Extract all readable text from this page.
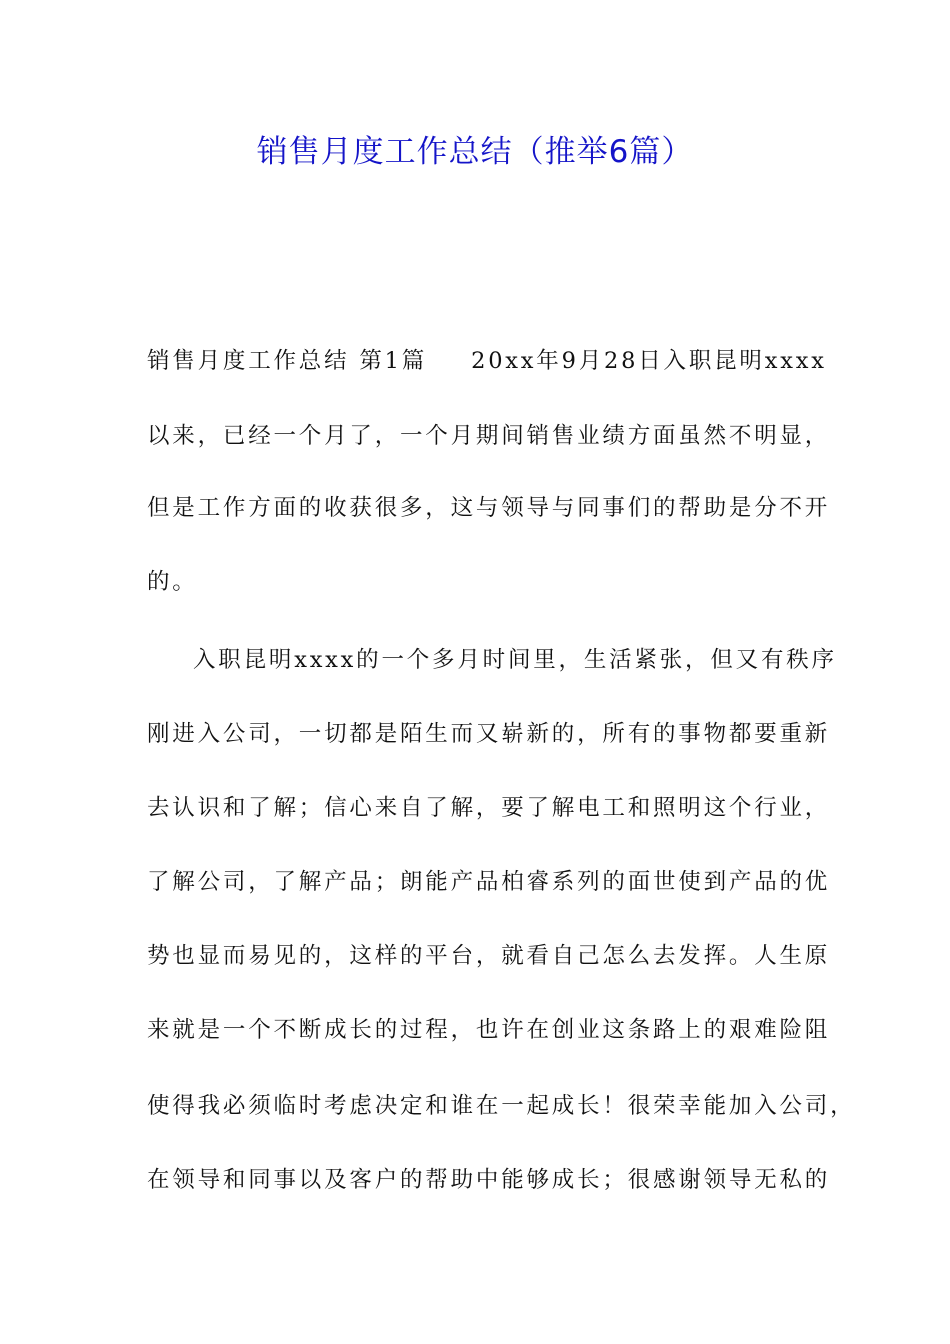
销售月度工作总结（推举6篇）
销售月度工作总结 第1篇 20xx年9月28日入职昆明xxxx
以来，已经一个月了，一个月期间销售业绩方面虽然不明显，
但是工作方面的收获很多，这与领导与同事们的帮助是分不开
的。
入职昆明xxxx的一个多月时间里，生活紧张，但又有秩序
刚进入公司，一切都是陌生而又崭新的，所有的事物都要重新
去认识和了解；信心来自了解，要了解电工和照明这个行业，
了解公司，了解产品；朗能产品柏睿系列的面世使到产品的优
势也显而易见的，这样的平台，就看自己怎么去发挥。人生原
来就是一个不断成长的过程，也许在创业这条路上的艰难险阻
使得我必须临时考虑决定和谁在一起成长！很荣幸能加入公司，
在领导和同事以及客户的帮助中能够成长；很感谢领导无私的
